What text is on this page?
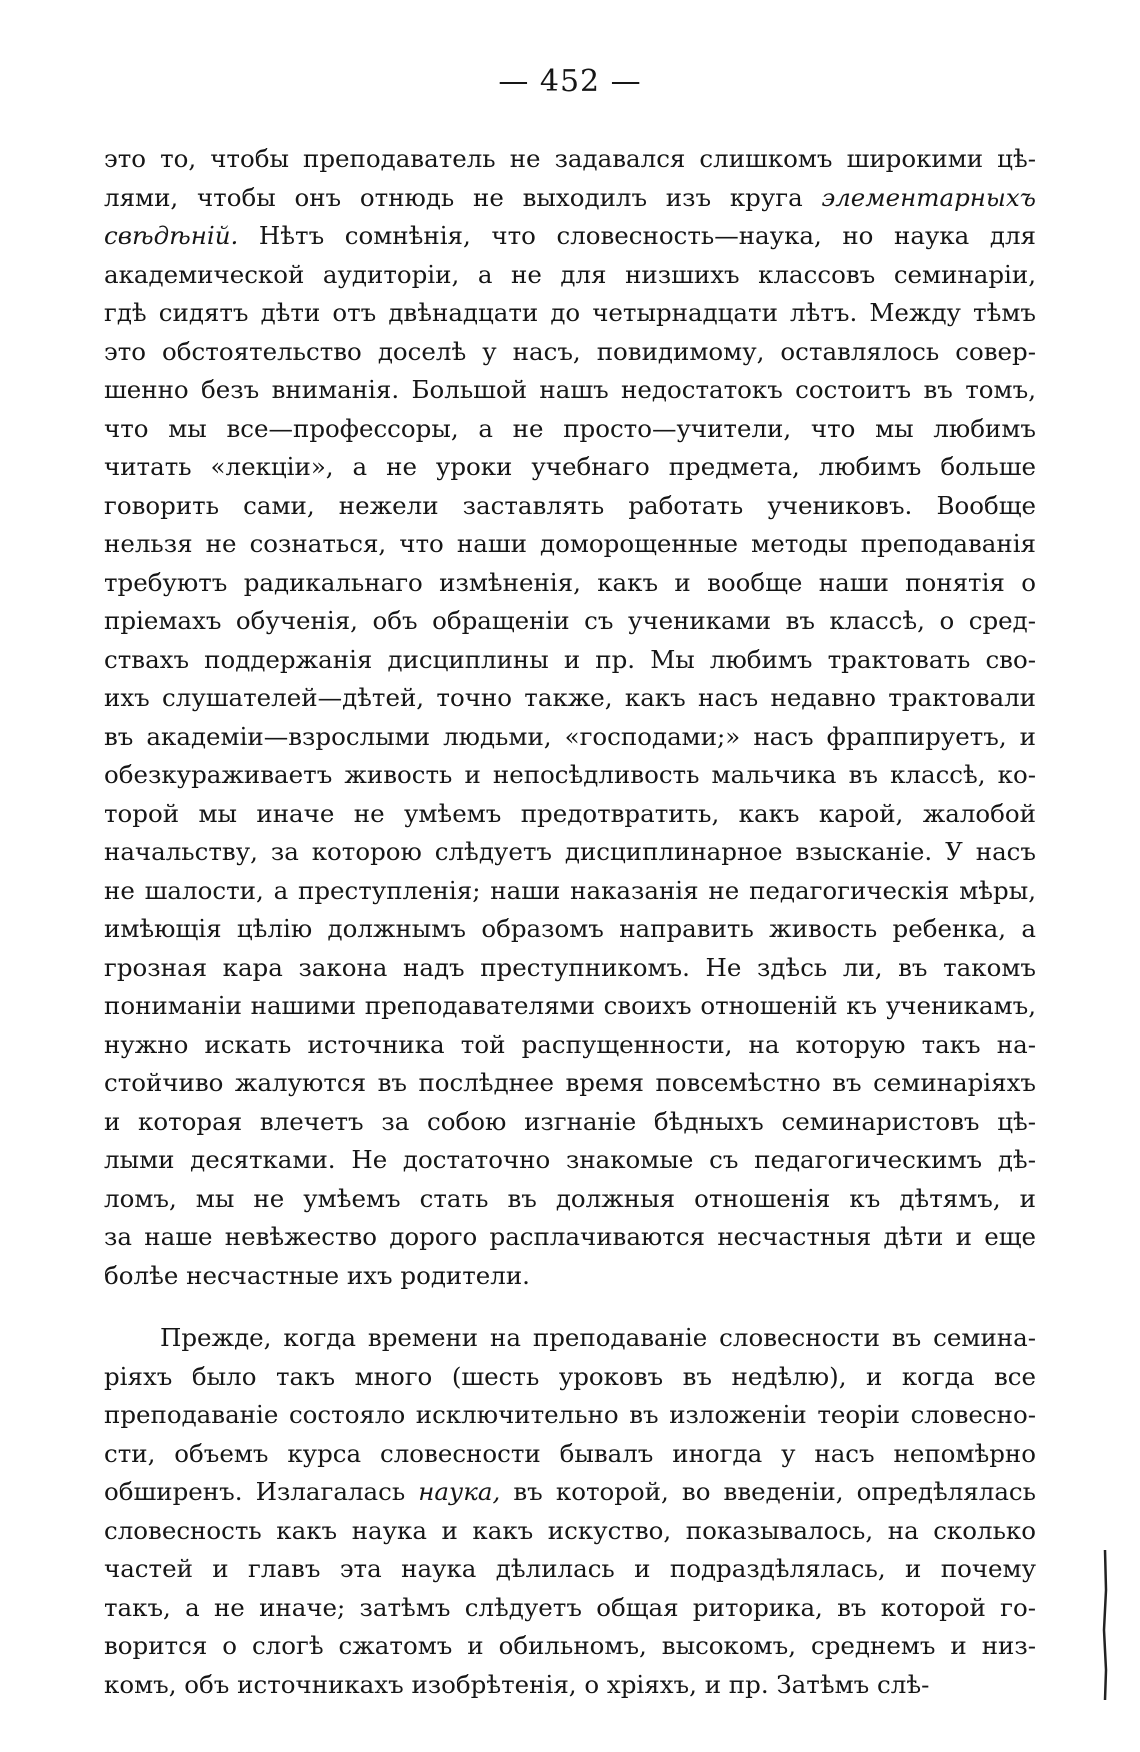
— 452 —
это то, чтобы преподаватель не задавался слишкомъ широкими цѣ-
лями, чтобы онъ отнюдь не выходилъ изъ круга элементарныхъ
свѣдѣній. Нѣтъ сомнѣнія, что словесность—наука, но наука для
академической аудиторіи, а не для низшихъ классовъ семинаріи,
гдѣ сидятъ дѣти отъ двѣнадцати до четырнадцати лѣтъ. Между тѣмъ
это обстоятельство доселѣ у насъ, повидимому, оставлялось совер-
шенно безъ вниманія. Большой нашъ недостатокъ состоитъ въ томъ,
что мы все—профессоры, а не просто—учители, что мы любимъ
читать «лекціи», а не уроки учебнаго предмета, любимъ больше
говорить сами, нежели заставлять работать учениковъ. Вообще
нельзя не сознаться, что наши доморощенные методы преподаванія
требуютъ радикальнаго измѣненія, какъ и вообще наши понятія о
пріемахъ обученія, объ обращеніи съ учениками въ классѣ, о сред-
ствахъ поддержанія дисциплины и пр. Мы любимъ трактовать сво-
ихъ слушателей—дѣтей, точно также, какъ насъ недавно трактовали
въ академіи—взрослыми людьми, «господами;» насъ фраппируетъ, и
обезкураживаетъ живость и непосѣдливость мальчика въ классѣ, ко-
торой мы иначе не умѣемъ предотвратить, какъ карой, жалобой
начальству, за которою слѣдуетъ дисциплинарное взысканіе. У насъ
не шалости, а преступленія; наши наказанія не педагогическія мѣры,
имѣющія цѣлію должнымъ образомъ направить живость ребенка, а
грозная кара закона надъ преступникомъ. Не здѣсь ли, въ такомъ
пониманіи нашими преподавателями своихъ отношеній къ ученикамъ,
нужно искать источника той распущенности, на которую такъ на-
стойчиво жалуются въ послѣднее время повсемѣстно въ семинаріяхъ
и которая влечетъ за собою изгнаніе бѣдныхъ семинаристовъ цѣ-
лыми десятками. Не достаточно знакомые съ педагогическимъ дѣ-
ломъ, мы не умѣемъ стать въ должныя отношенія къ дѣтямъ, и
за наше невѣжество дорого расплачиваются несчастныя дѣти и еще
болѣе несчастные ихъ родители.
Прежде, когда времени на преподаваніе словесности въ семина-
ріяхъ было такъ много (шесть уроковъ въ недѣлю), и когда все
преподаваніе состояло исключительно въ изложеніи теоріи словесно-
сти, объемъ курса словесности бывалъ иногда у насъ непомѣрно
обширенъ. Излагалась наука, въ которой, во введеніи, опредѣлялась
словесность какъ наука и какъ искуство, показывалось, на сколько
частей и главъ эта наука дѣлилась и подраздѣлялась, и почему
такъ, а не иначе; затѣмъ слѣдуетъ общая риторика, въ которой го-
ворится о слогѣ сжатомъ и обильномъ, высокомъ, среднемъ и низ-
комъ, объ источникахъ изобрѣтенія, о хріяхъ, и пр. Затѣмъ слѣ-
